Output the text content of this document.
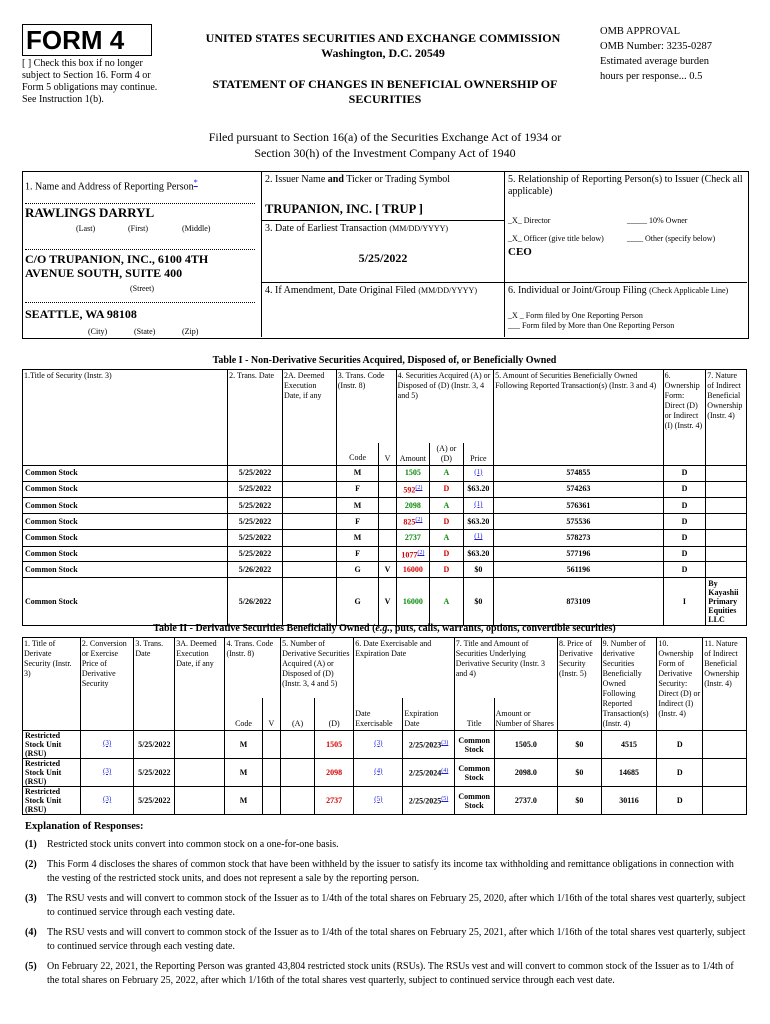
FORM 4
[ ] Check this box if no longer subject to Section 16. Form 4 or Form 5 obligations may continue. See Instruction 1(b).
UNITED STATES SECURITIES AND EXCHANGE COMMISSION
Washington, D.C. 20549
STATEMENT OF CHANGES IN BENEFICIAL OWNERSHIP OF SECURITIES
OMB APPROVAL
OMB Number: 3235-0287
Estimated average burden
hours per response... 0.5
Filed pursuant to Section 16(a) of the Securities Exchange Act of 1934 or
Section 30(h) of the Investment Company Act of 1940
1. Name and Address of Reporting Person*
RAWLINGS DARRYL
(Last)	(First)	(Middle)
C/O TRUPANION, INC., 6100 4TH AVENUE SOUTH, SUITE 400
(Street)
SEATTLE, WA 98108
(City)	(State)	(Zip)
2. Issuer Name and Ticker or Trading Symbol
TRUPANION, INC. [ TRUP ]
3. Date of Earliest Transaction (MM/DD/YYYY)
5/25/2022
4. If Amendment, Date Original Filed (MM/DD/YYYY)
5. Relationship of Reporting Person(s) to Issuer (Check all applicable)
_X_ Director	_____ 10% Owner
_X_ Officer (give title below)	____ Other (specify below)
CEO
6. Individual or Joint/Group Filing (Check Applicable Line)
_X _ Form filed by One Reporting Person
___ Form filed by More than One Reporting Person
Table I - Non-Derivative Securities Acquired, Disposed of, or Beneficially Owned
1.Title of Security (Instr. 3)	2. Trans. Date	2A. Deemed Execution Date, if any	3. Trans. Code (Instr. 8)		4. Securities Acquired (A) or Disposed of (D) (Instr. 3, 4 and 5)			5. Amount of Securities Beneficially Owned Following Reported Transaction(s) (Instr. 3 and 4)	6. Ownership Form: Direct (D) or Indirect (I) (Instr. 4)	7. Nature of Indirect Beneficial Ownership (Instr. 4)
			Code	V	Amount	(A) or (D)	Price			
Common Stock	5/25/2022		M		1505	A	(1)	574855	D	
Common Stock	5/25/2022		F		592$^{(2)}$	D	$63.20	574263	D	
Common Stock	5/25/2022		M		2098	A	(1)	576361	D	
Common Stock	5/25/2022		F		825$^{(2)}$	D	$63.20	575536	D	
Common Stock	5/25/2022		M		2737	A	(1)	578273	D	
Common Stock	5/25/2022		F		1077$^{(2)}$	D	$63.20	577196	D	
Common Stock	5/26/2022		G	V	16000	D	$0	561196	D	
Common Stock	5/26/2022		G	V	16000	A	$0	873109	I	By Kayashii Primary Equities LLC
Table II - Derivative Securities Beneficially Owned (e.g., puts, calls, warrants, options, convertible securities)
1. Title of Derivate Security (Instr. 3)	2. Conversion or Exercise Price of Derivative Security	3. Trans. Date	3A. Deemed Execution Date, if any	4. Trans. Code (Instr. 8)		5. Number of Derivative Securities Acquired (A) or Disposed of (D) (Instr. 3, 4 and 5)		6. Date Exercisable and Expiration Date		7. Title and Amount of Securities Underlying Derivative Security (Instr. 3 and 4)		8. Price of Derivative Security (Instr. 5)	9. Number of derivative Securities Beneficially Owned Following Reported Transaction(s) (Instr. 4)	10. Ownership Form of Derivative Security: Direct (D) or Indirect (I) (Instr. 4)	11. Nature of Indirect Beneficial Ownership (Instr. 4)
				Code	V	(A)	(D)	Date Exercisable	Expiration Date	Title	Amount or Number of Shares				
Restricted Stock Unit (RSU)	(3)	5/25/2022		M			1505	(3)	2/25/2023$^{(3)}$	Common Stock	1505.0	$0	4515	D	
Restricted Stock Unit (RSU)	(3)	5/25/2022		M			2098	(4)	2/25/2024$^{(4)}$	Common Stock	2098.0	$0	14685	D	
Restricted Stock Unit (RSU)	(3)	5/25/2022		M			2737	(5)	2/25/2025$^{(5)}$	Common Stock	2737.0	$0	30116	D	
Explanation of Responses:
(1)	Restricted stock units convert into common stock on a one-for-one basis.
(2)	This Form 4 discloses the shares of common stock that have been withheld by the issuer to satisfy its income tax withholding and remittance obligations in connection with the vesting of the restricted stock units, and does not represent a sale by the reporting person.
(3)	The RSU vests and will convert to common stock of the Issuer as to 1/4th of the total shares on February 25, 2020, after which 1/16th of the total shares vest quarterly, subject to continued service through each vesting date.
(4)	The RSU vests and will convert to common stock of the Issuer as to 1/4th of the total shares on February 25, 2021, after which 1/16th of the total shares vest quarterly, subject to continued service through each vesting date.
(5)	On February 22, 2021, the Reporting Person was granted 43,804 restricted stock units (RSUs). The RSUs vest and will convert to common stock of the Issuer as to 1/4th of the total shares on February 25, 2022, after which 1/16th of the total shares vest quarterly, subject to continued service through each vest date.
